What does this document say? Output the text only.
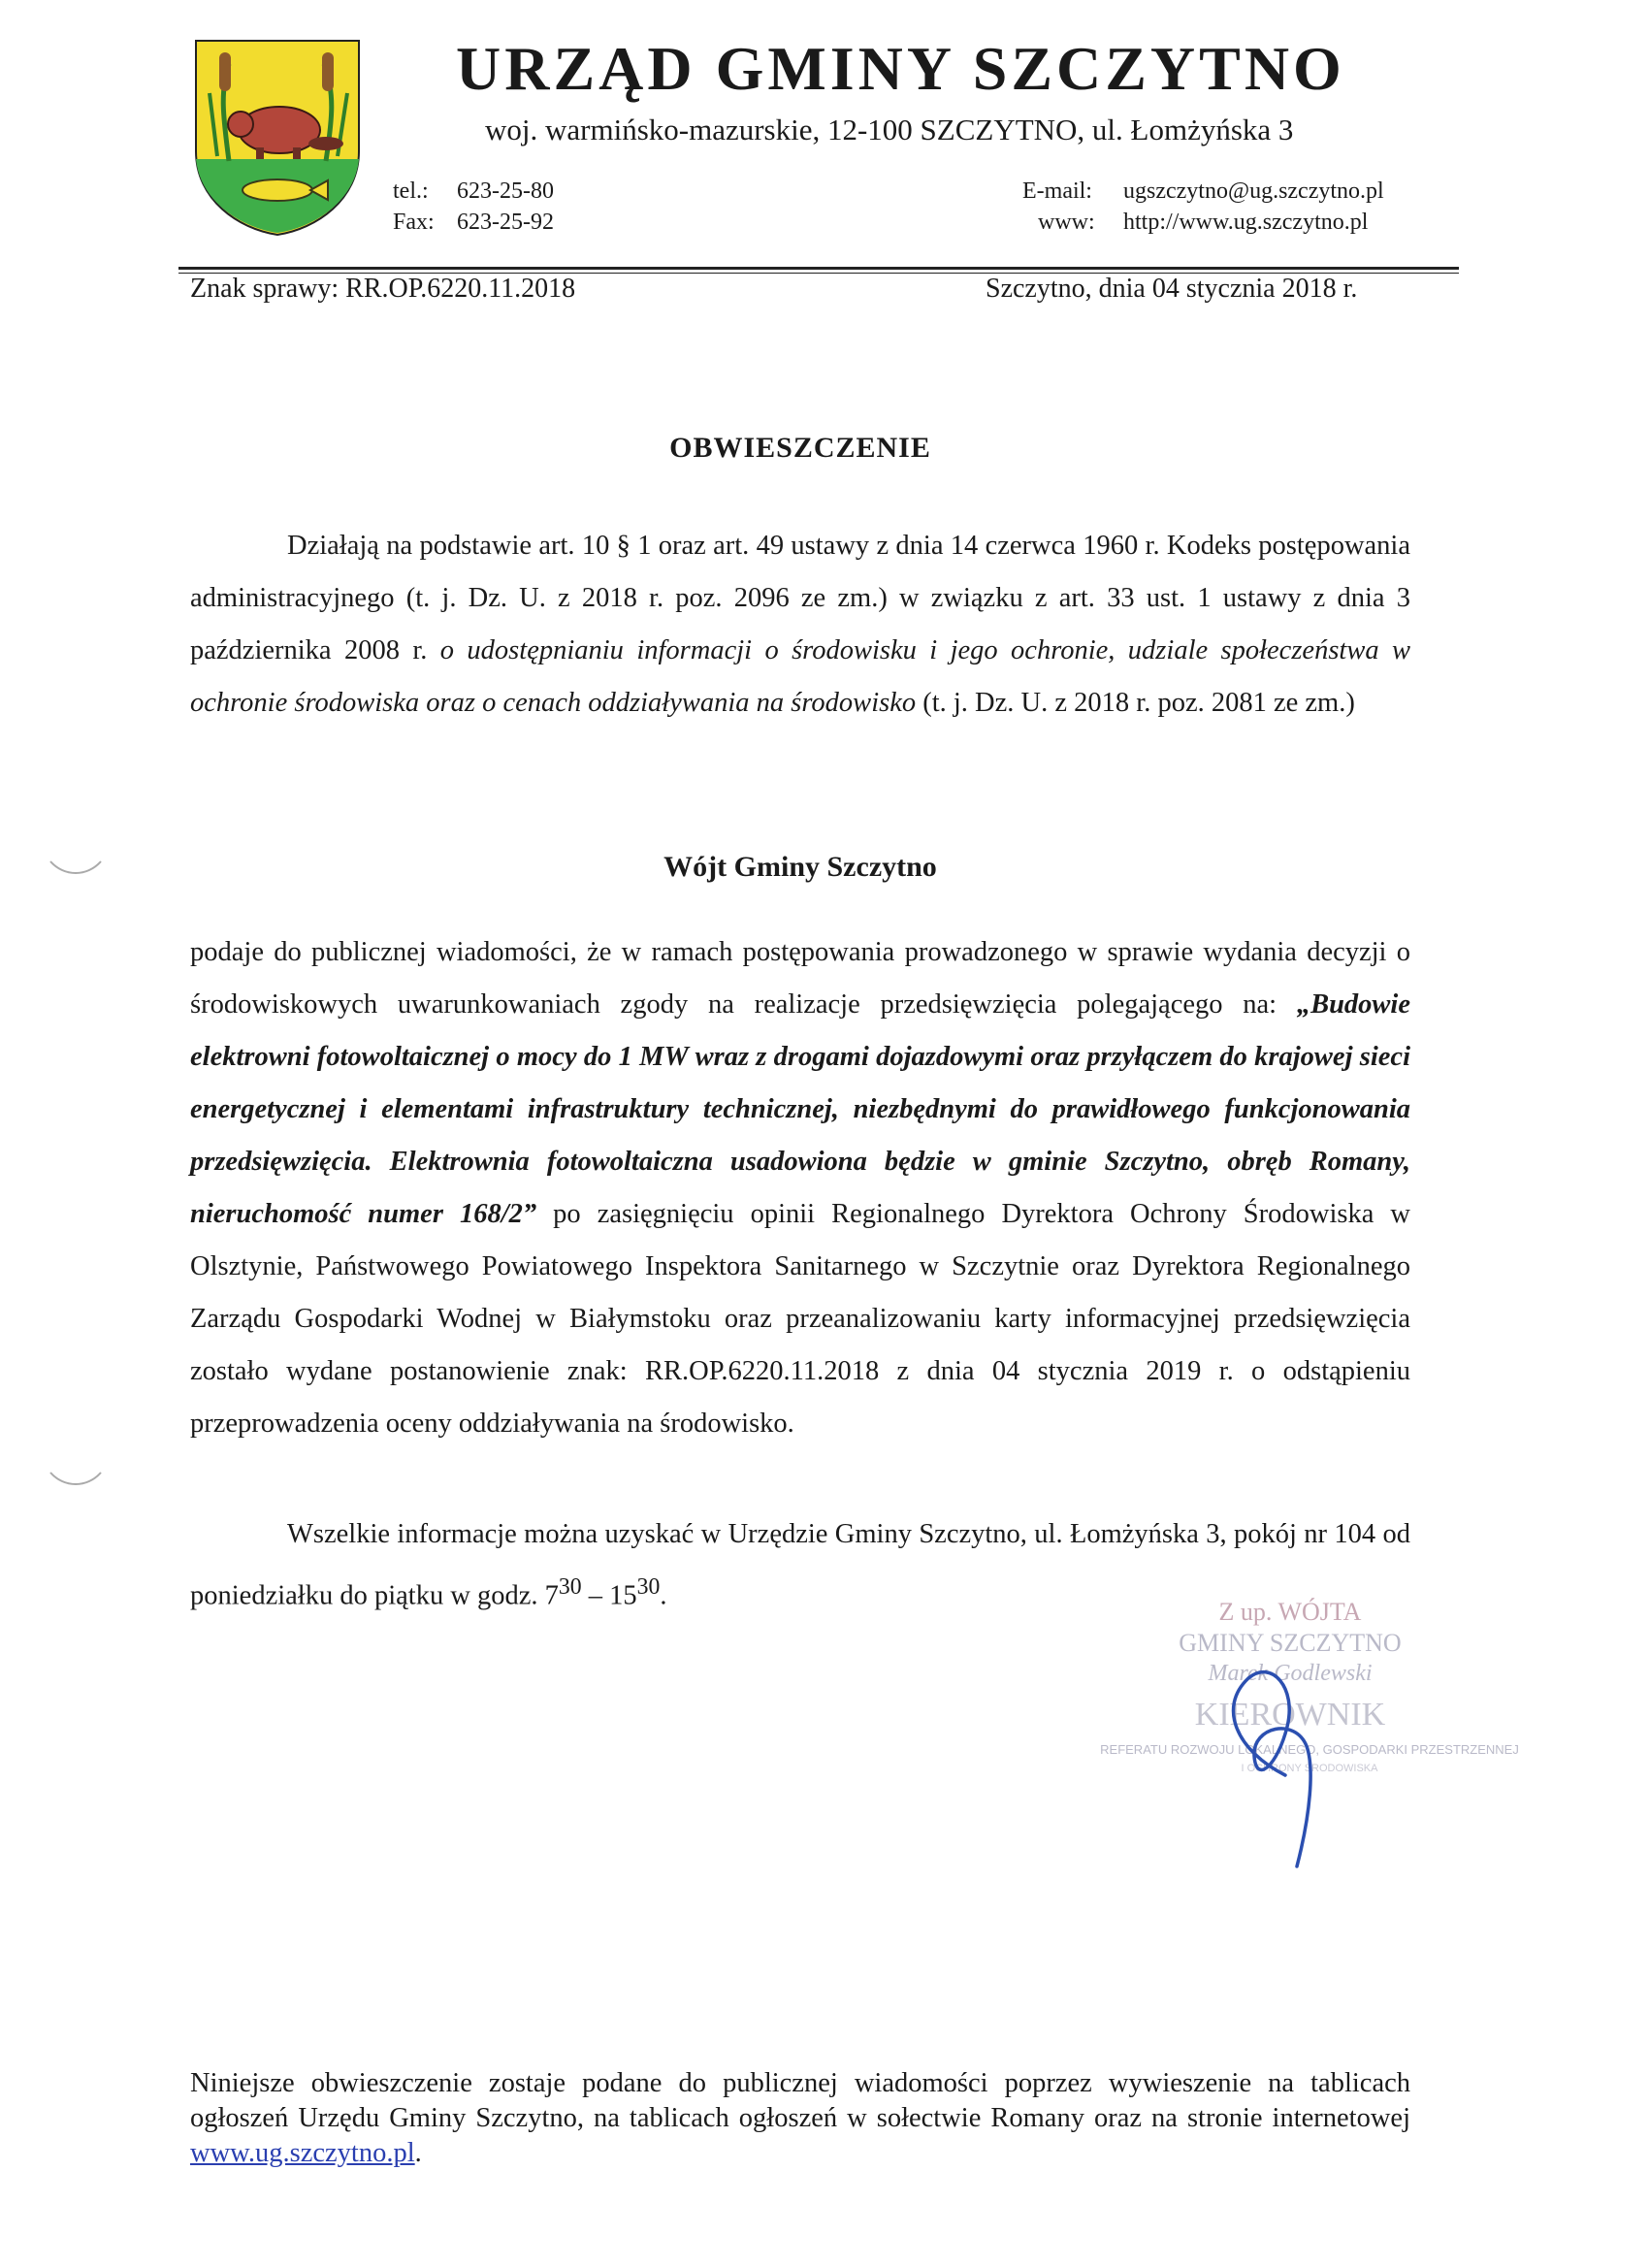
URZĄD GMINY SZCZYTNO
woj. warmińsko-mazurskie, 12-100 SZCZYTNO, ul. Łomżyńska 3
tel.: 623-25-80
Fax: 623-25-92
E-mail: ugszczytno@ug.szczytno.pl
www: http://www.ug.szczytno.pl
Znak sprawy: RR.OP.6220.11.2018	Szczytno, dnia 04 stycznia 2018 r.
OBWIESZCZENIE
Działają na podstawie art. 10 § 1 oraz art. 49 ustawy z dnia 14 czerwca 1960 r. Kodeks postępowania administracyjnego (t. j. Dz. U. z 2018 r. poz. 2096 ze zm.) w związku z art. 33 ust. 1 ustawy z dnia 3 października 2008 r. o udostępnianiu informacji o środowisku i jego ochronie, udziale społeczeństwa w ochronie środowiska oraz o cenach oddziaływania na środowisko (t. j. Dz. U. z 2018 r. poz. 2081 ze zm.)
Wójt Gminy Szczytno
podaje do publicznej wiadomości, że w ramach postępowania prowadzonego w sprawie wydania decyzji o środowiskowych uwarunkowaniach zgody na realizacje przedsięwzięcia polegającego na: „Budowie elektrowni fotowoltaicznej o mocy do 1 MW wraz z drogami dojazdowymi oraz przyłączem do krajowej sieci energetycznej i elementami infrastruktury technicznej, niezbędnymi do prawidłowego funkcjonowania przedsięwzięcia. Elektrownia fotowoltaiczna usadowiona będzie w gminie Szczytno, obręb Romany, nieruchomość numer 168/2” po zasięgnięciu opinii Regionalnego Dyrektora Ochrony Środowiska w Olsztynie, Państwowego Powiatowego Inspektora Sanitarnego w Szczytnie oraz Dyrektora Regionalnego Zarządu Gospodarki Wodnej w Białymstoku oraz przeanalizowaniu karty informacyjnej przedsięwzięcia zostało wydane postanowienie znak: RR.OP.6220.11.2018 z dnia 04 stycznia 2019 r. o odstąpieniu przeprowadzenia oceny oddziaływania na środowisko.
Wszelkie informacje można uzyskać w Urzędzie Gminy Szczytno, ul. Łomżyńska 3, pokój nr 104 od poniedziałku do piątku w godz. $7^{30} - 15^{30}$.
Z up. WÓJTA
GMINY SZCZYTNO
Marek Godlewski
KIEROWNIK
REFERATU ROZWOJU LOKALNEGO, GOSPODARKI PRZESTRZENNEJ
I OCHRONY ŚRODOWISKA
Niniejsze obwieszczenie zostaje podane do publicznej wiadomości poprzez wywieszenie na tablicach ogłoszeń Urzędu Gminy Szczytno, na tablicach ogłoszeń w sołectwie Romany oraz na stronie internetowej www.ug.szczytno.pl.
